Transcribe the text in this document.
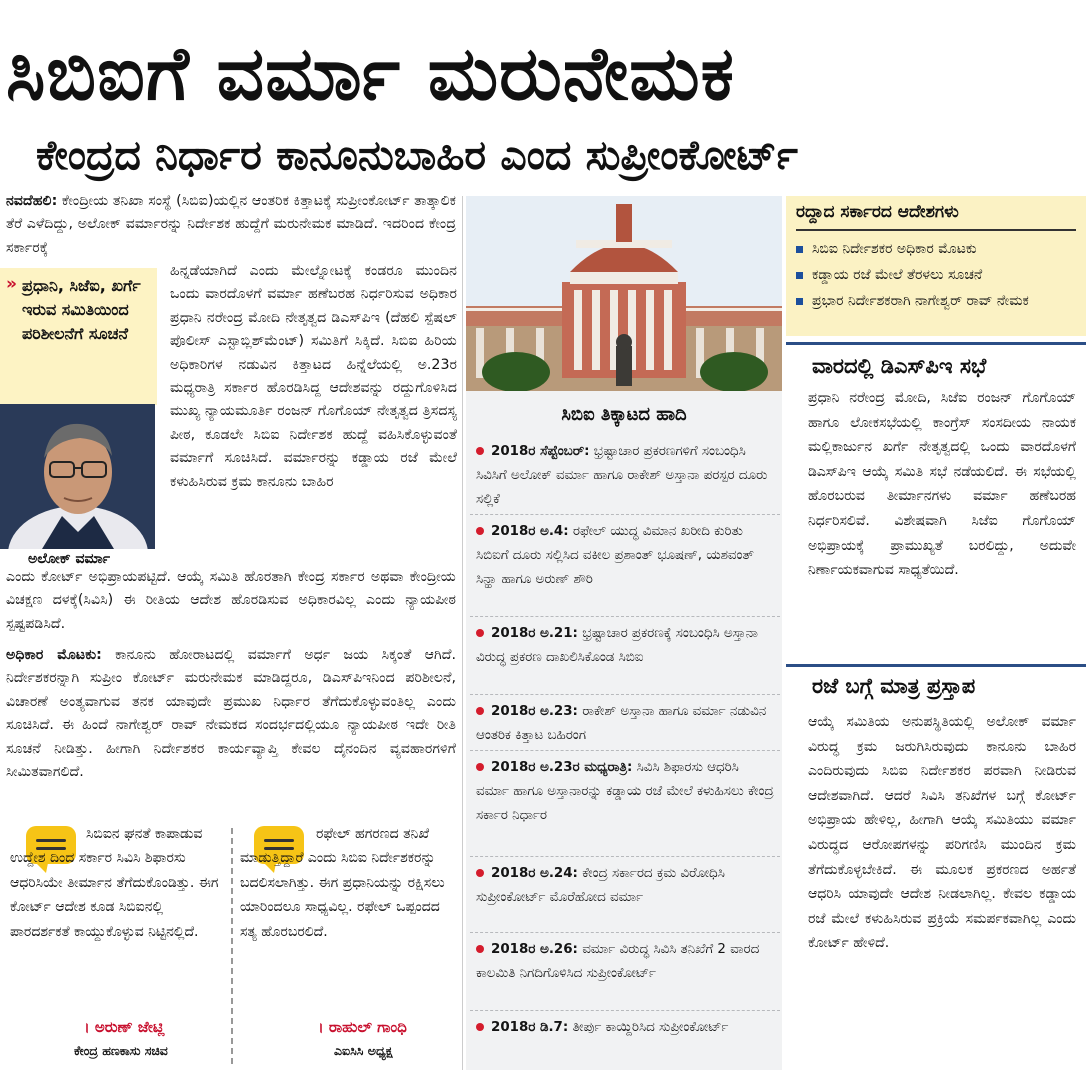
ಸಿಬಿಐಗೆ ವರ್ಮಾ ಮರುನೇಮಕ
ಕೇಂದ್ರದ ನಿರ್ಧಾರ ಕಾನೂನುಬಾಹಿರ ಎಂದ ಸುಪ್ರೀಂಕೋರ್ಟ್
ನವದೆಹಲಿ: ಕೇಂದ್ರೀಯ ತನಿಖಾ ಸಂಸ್ಥೆ (ಸಿಬಿಐ)ಯಲ್ಲಿನ ಆಂತರಿಕ ಕಿತ್ತಾಟಕ್ಕೆ ಸುಪ್ರೀಂಕೋರ್ಟ್ ತಾತ್ಕಾಲಿಕ ತೆರೆ ಎಳೆದಿದ್ದು, ಅಲೋಕ್ ವರ್ಮಾರನ್ನು ನಿರ್ದೇಶಕ ಹುದ್ದೆಗೆ ಮರುನೇಮಕ ಮಾಡಿದೆ. ಇದರಿಂದ ಕೇಂದ್ರ ಸರ್ಕಾರಕ್ಕೆ
ಹಿನ್ನಡೆಯಾಗಿದೆ ಎಂದು ಮೇಲ್ನೋಟಕ್ಕೆ ಕಂಡರೂ ಮುಂದಿನ ಒಂದು ವಾರದೊಳಗೆ ವರ್ಮಾ ಹಣೆಬರಹ ನಿರ್ಧರಿಸುವ ಅಧಿಕಾರ ಪ್ರಧಾನಿ ನರೇಂದ್ರ ಮೋದಿ ನೇತೃತ್ವದ ಡಿಎಸ್‌ಪಿಇ (ದೆಹಲಿ ಸ್ಪೆಷಲ್ ಪೊಲೀಸ್ ಎಸ್ಟಾಬ್ಲಿಶ್‌ಮೆಂಟ್) ಸಮಿತಿಗೆ ಸಿಕ್ಕಿದೆ. ಸಿಬಿಐ ಹಿರಿಯ ಅಧಿಕಾರಿಗಳ ನಡುವಿನ ಕಿತ್ತಾಟದ ಹಿನ್ನೆಲೆಯಲ್ಲಿ ಅ.23ರ ಮಧ್ಯರಾತ್ರಿ ಸರ್ಕಾರ ಹೊರಡಿಸಿದ್ದ ಆದೇಶವನ್ನು ರದ್ದುಗೊಳಿಸಿದ ಮುಖ್ಯ ನ್ಯಾಯಮೂರ್ತಿ ರಂಜನ್ ಗೊಗೊಯ್ ನೇತೃತ್ವದ ತ್ರಿಸದಸ್ಯ ಪೀಠ, ಕೂಡಲೇ ಸಿಬಿಐ ನಿರ್ದೇಶಕ ಹುದ್ದೆ ವಹಿಸಿಕೊಳ್ಳುವಂತೆ ವರ್ಮಾಗೆ ಸೂಚಿಸಿದೆ. ವರ್ಮಾರನ್ನು ಕಡ್ಡಾಯ ರಜೆ ಮೇಲೆ ಕಳುಹಿಸಿರುವ ಕ್ರಮ ಕಾನೂನು ಬಾಹಿರ
» ಪ್ರಧಾನಿ, ಸಿಜೆಐ, ಖರ್ಗೆ ಇರುವ ಸಮಿತಿಯಿಂದ ಪರಿಶೀಲನೆಗೆ ಸೂಚನೆ
ಅಲೋಕ್ ವರ್ಮಾ
ಎಂದು ಕೋರ್ಟ್ ಅಭಿಪ್ರಾಯಪಟ್ಟಿದೆ. ಆಯ್ಕೆ ಸಮಿತಿ ಹೊರತಾಗಿ ಕೇಂದ್ರ ಸರ್ಕಾರ ಅಥವಾ ಕೇಂದ್ರೀಯ ವಿಚಕ್ಷಣ ದಳಕ್ಕೆ(ಸಿವಿಸಿ) ಈ ರೀತಿಯ ಆದೇಶ ಹೊರಡಿಸುವ ಅಧಿಕಾರವಿಲ್ಲ ಎಂದು ನ್ಯಾಯಪೀಠ ಸ್ಪಷ್ಟಪಡಿಸಿದೆ.
ಅಧಿಕಾರ ಮೊಟಕು: ಕಾನೂನು ಹೋರಾಟದಲ್ಲಿ ವರ್ಮಾಗೆ ಅರ್ಧ ಜಯ ಸಿಕ್ಕಂತೆ ಆಗಿದೆ. ನಿರ್ದೇಶಕರನ್ನಾಗಿ ಸುಪ್ರೀಂ ಕೋರ್ಟ್ ಮರುನೇಮಕ ಮಾಡಿದ್ದರೂ, ಡಿಎಸ್‌ಪಿಇನಿಂದ ಪರಿಶೀಲನೆ, ವಿಚಾರಣೆ ಅಂತ್ಯವಾಗುವ ತನಕ ಯಾವುದೇ ಪ್ರಮುಖ ನಿರ್ಧಾರ ತೆಗೆದುಕೊಳ್ಳುವಂತಿಲ್ಲ ಎಂದು ಸೂಚಿಸಿದೆ. ಈ ಹಿಂದೆ ನಾಗೇಶ್ವರ್ ರಾವ್ ನೇಮಕದ ಸಂದರ್ಭದಲ್ಲಿಯೂ ನ್ಯಾಯಪೀಠ ಇದೇ ರೀತಿ ಸೂಚನೆ ನೀಡಿತ್ತು. ಹೀಗಾಗಿ ನಿರ್ದೇಶಕರ ಕಾರ್ಯವ್ಯಾಪ್ತಿ ಕೇವಲ ದೈನಂದಿನ ವ್ಯವಹಾರಗಳಿಗೆ ಸೀಮಿತವಾಗಲಿದೆ.
ಸಿಬಿಐನ ಘನತೆ ಕಾಪಾಡುವ ಉದ್ದೇಶ ದಿಂದ ಸರ್ಕಾರ ಸಿವಿಸಿ ಶಿಫಾರಸು ಆಧರಿಸಿಯೇ ತೀರ್ಮಾನ ತೆಗೆದುಕೊಂಡಿತ್ತು. ಈಗ ಕೋರ್ಟ್ ಆದೇಶ ಕೂಡ ಸಿಬಿಐನಲ್ಲಿ ಪಾರದರ್ಶಕತೆ ಕಾಯ್ದುಕೊಳ್ಳುವ ನಿಟ್ಟಿನಲ್ಲಿದೆ.
। ಅರುಣ್ ಜೇಟ್ಲಿ
ಕೇಂದ್ರ ಹಣಕಾಸು ಸಚಿವ
ರಫೇಲ್ ಹಗರಣದ ತನಿಖೆ ಮಾಡುತ್ತಿದ್ದಾರೆ ಎಂದು ಸಿಬಿಐ ನಿರ್ದೇಶಕರನ್ನು ಬದಲಿಸಲಾಗಿತ್ತು. ಈಗ ಪ್ರಧಾನಿಯನ್ನು ರಕ್ಷಿಸಲು ಯಾರಿಂದಲೂ ಸಾಧ್ಯವಿಲ್ಲ. ರಫೇಲ್ ಒಪ್ಪಂದದ ಸತ್ಯ ಹೊರಬರಲಿದೆ.
। ರಾಹುಲ್ ಗಾಂಧಿ
ಎಐಸಿಸಿ ಅಧ್ಯಕ್ಷ
ಸಿಬಿಐ ತಿಕ್ಕಾಟದ ಹಾದಿ
2018ರ ಸೆಪ್ಟೆಂಬರ್: ಭ್ರಷ್ಟಾಚಾರ ಪ್ರಕರಣಗಳಿಗೆ ಸಂಬಂಧಿಸಿ ಸಿವಿಸಿಗೆ ಅಲೋಕ್ ವರ್ಮಾ ಹಾಗೂ ರಾಕೇಶ್ ಅಸ್ತಾನಾ ಪರಸ್ಪರ ದೂರು ಸಲ್ಲಿಕೆ
2018ರ ಅ.4: ರಫೇಲ್ ಯುದ್ಧ ವಿಮಾನ ಖರೀದಿ ಕುರಿತು ಸಿಬಿಐಗೆ ದೂರು ಸಲ್ಲಿಸಿದ ವಕೀಲ ಪ್ರಶಾಂತ್ ಭೂಷಣ್, ಯಶವಂತ್ ಸಿನ್ಹಾ ಹಾಗೂ ಅರುಣ್ ಶೌರಿ
2018ರ ಅ.21: ಭ್ರಷ್ಟಾಚಾರ ಪ್ರಕರಣಕ್ಕೆ ಸಂಬಂಧಿಸಿ ಅಸ್ತಾನಾ ವಿರುದ್ಧ ಪ್ರಕರಣ ದಾಖಲಿಸಿಕೊಂಡ ಸಿಬಿಐ
2018ರ ಅ.23: ರಾಕೇಶ್ ಅಸ್ತಾನಾ ಹಾಗೂ ವರ್ಮಾ ನಡುವಿನ ಆಂತರಿಕ ಕಿತ್ತಾಟ ಬಹಿರಂಗ
2018ರ ಅ.23ರ ಮಧ್ಯರಾತ್ರಿ: ಸಿವಿಸಿ ಶಿಫಾರಸು ಆಧರಿಸಿ ವರ್ಮಾ ಹಾಗೂ ಅಸ್ತಾನಾರನ್ನು ಕಡ್ಡಾಯ ರಜೆ ಮೇಲೆ ಕಳುಹಿಸಲು ಕೇಂದ್ರ ಸರ್ಕಾರ ನಿರ್ಧಾರ
2018ರ ಅ.24: ಕೇಂದ್ರ ಸರ್ಕಾರದ ಕ್ರಮ ವಿರೋಧಿಸಿ ಸುಪ್ರೀಂಕೋರ್ಟ್ ಮೊರೆಹೋದ ವರ್ಮಾ
2018ರ ಅ.26: ವರ್ಮಾ ವಿರುದ್ಧ ಸಿವಿಸಿ ತನಿಖೆಗೆ 2 ವಾರದ ಕಾಲಮಿತಿ ನಿಗದಿಗೊಳಿಸಿದ ಸುಪ್ರೀಂಕೋರ್ಟ್
2018ರ ಡಿ.7: ತೀರ್ಪು ಕಾಯ್ದಿರಿಸಿದ ಸುಪ್ರೀಂಕೋರ್ಟ್
ರದ್ದಾದ ಸರ್ಕಾರದ ಆದೇಶಗಳು
ಸಿಬಿಐ ನಿರ್ದೇಶಕರ ಅಧಿಕಾರ ಮೊಟಕು
ಕಡ್ಡಾಯ ರಜೆ ಮೇಲೆ ತೆರಳಲು ಸೂಚನೆ
ಪ್ರಭಾರ ನಿರ್ದೇಶಕರಾಗಿ ನಾಗೇಶ್ವರ್ ರಾವ್ ನೇಮಕ
ವಾರದಲ್ಲಿ ಡಿಎಸ್‌ಪಿಇ ಸಭೆ
ಪ್ರಧಾನಿ ನರೇಂದ್ರ ಮೋದಿ, ಸಿಜೆಐ ರಂಜನ್ ಗೊಗೊಯ್ ಹಾಗೂ ಲೋಕಸಭೆಯಲ್ಲಿ ಕಾಂಗ್ರೆಸ್ ಸಂಸದೀಯ ನಾಯಕ ಮಲ್ಲಿಕಾರ್ಜುನ ಖರ್ಗೆ ನೇತೃತ್ವದಲ್ಲಿ ಒಂದು ವಾರದೊಳಗೆ ಡಿಎಸ್‌ಪಿಇ ಆಯ್ಕೆ ಸಮಿತಿ ಸಭೆ ನಡೆಯಲಿದೆ. ಈ ಸಭೆಯಲ್ಲಿ ಹೊರಬರುವ ತೀರ್ಮಾನಗಳು ವರ್ಮಾ ಹಣೆಬರಹ ನಿರ್ಧರಿಸಲಿವೆ. ವಿಶೇಷವಾಗಿ ಸಿಜೆಐ ಗೊಗೊಯ್ ಅಭಿಪ್ರಾಯಕ್ಕೆ ಪ್ರಾಮುಖ್ಯತೆ ಬರಲಿದ್ದು, ಅದುವೇ ನಿರ್ಣಾಯಕವಾಗುವ ಸಾಧ್ಯತೆಯಿದೆ.
ರಜೆ ಬಗ್ಗೆ ಮಾತ್ರ ಪ್ರಸ್ತಾಪ
ಆಯ್ಕೆ ಸಮಿತಿಯ ಅನುಪಸ್ಥಿತಿಯಲ್ಲಿ ಅಲೋಕ್ ವರ್ಮಾ ವಿರುದ್ಧ ಕ್ರಮ ಜರುಗಿಸಿರುವುದು ಕಾನೂನು ಬಾಹಿರ ಎಂದಿರುವುದು ಸಿಬಿಐ ನಿರ್ದೇಶಕರ ಪರವಾಗಿ ನೀಡಿರುವ ಆದೇಶವಾಗಿದೆ. ಆದರೆ ಸಿವಿಸಿ ತನಿಖೆಗಳ ಬಗ್ಗೆ ಕೋರ್ಟ್ ಅಭಿಪ್ರಾಯ ಹೇಳಿಲ್ಲ, ಹೀಗಾಗಿ ಆಯ್ಕೆ ಸಮಿತಿಯು ವರ್ಮಾ ವಿರುದ್ಧದ ಆರೋಪಗಳನ್ನು ಪರಿಗಣಿಸಿ ಮುಂದಿನ ಕ್ರಮ ತೆಗೆದುಕೊಳ್ಳಬೇಕಿದೆ. ಈ ಮೂಲಕ ಪ್ರಕರಣದ ಅರ್ಹತೆ ಆಧರಿಸಿ ಯಾವುದೇ ಆದೇಶ ನೀಡಲಾಗಿಲ್ಲ. ಕೇವಲ ಕಡ್ಡಾಯ ರಜೆ ಮೇಲೆ ಕಳುಹಿಸಿರುವ ಪ್ರಕ್ರಿಯೆ ಸಮರ್ಪಕವಾಗಿಲ್ಲ ಎಂದು ಕೋರ್ಟ್ ಹೇಳಿದೆ.
